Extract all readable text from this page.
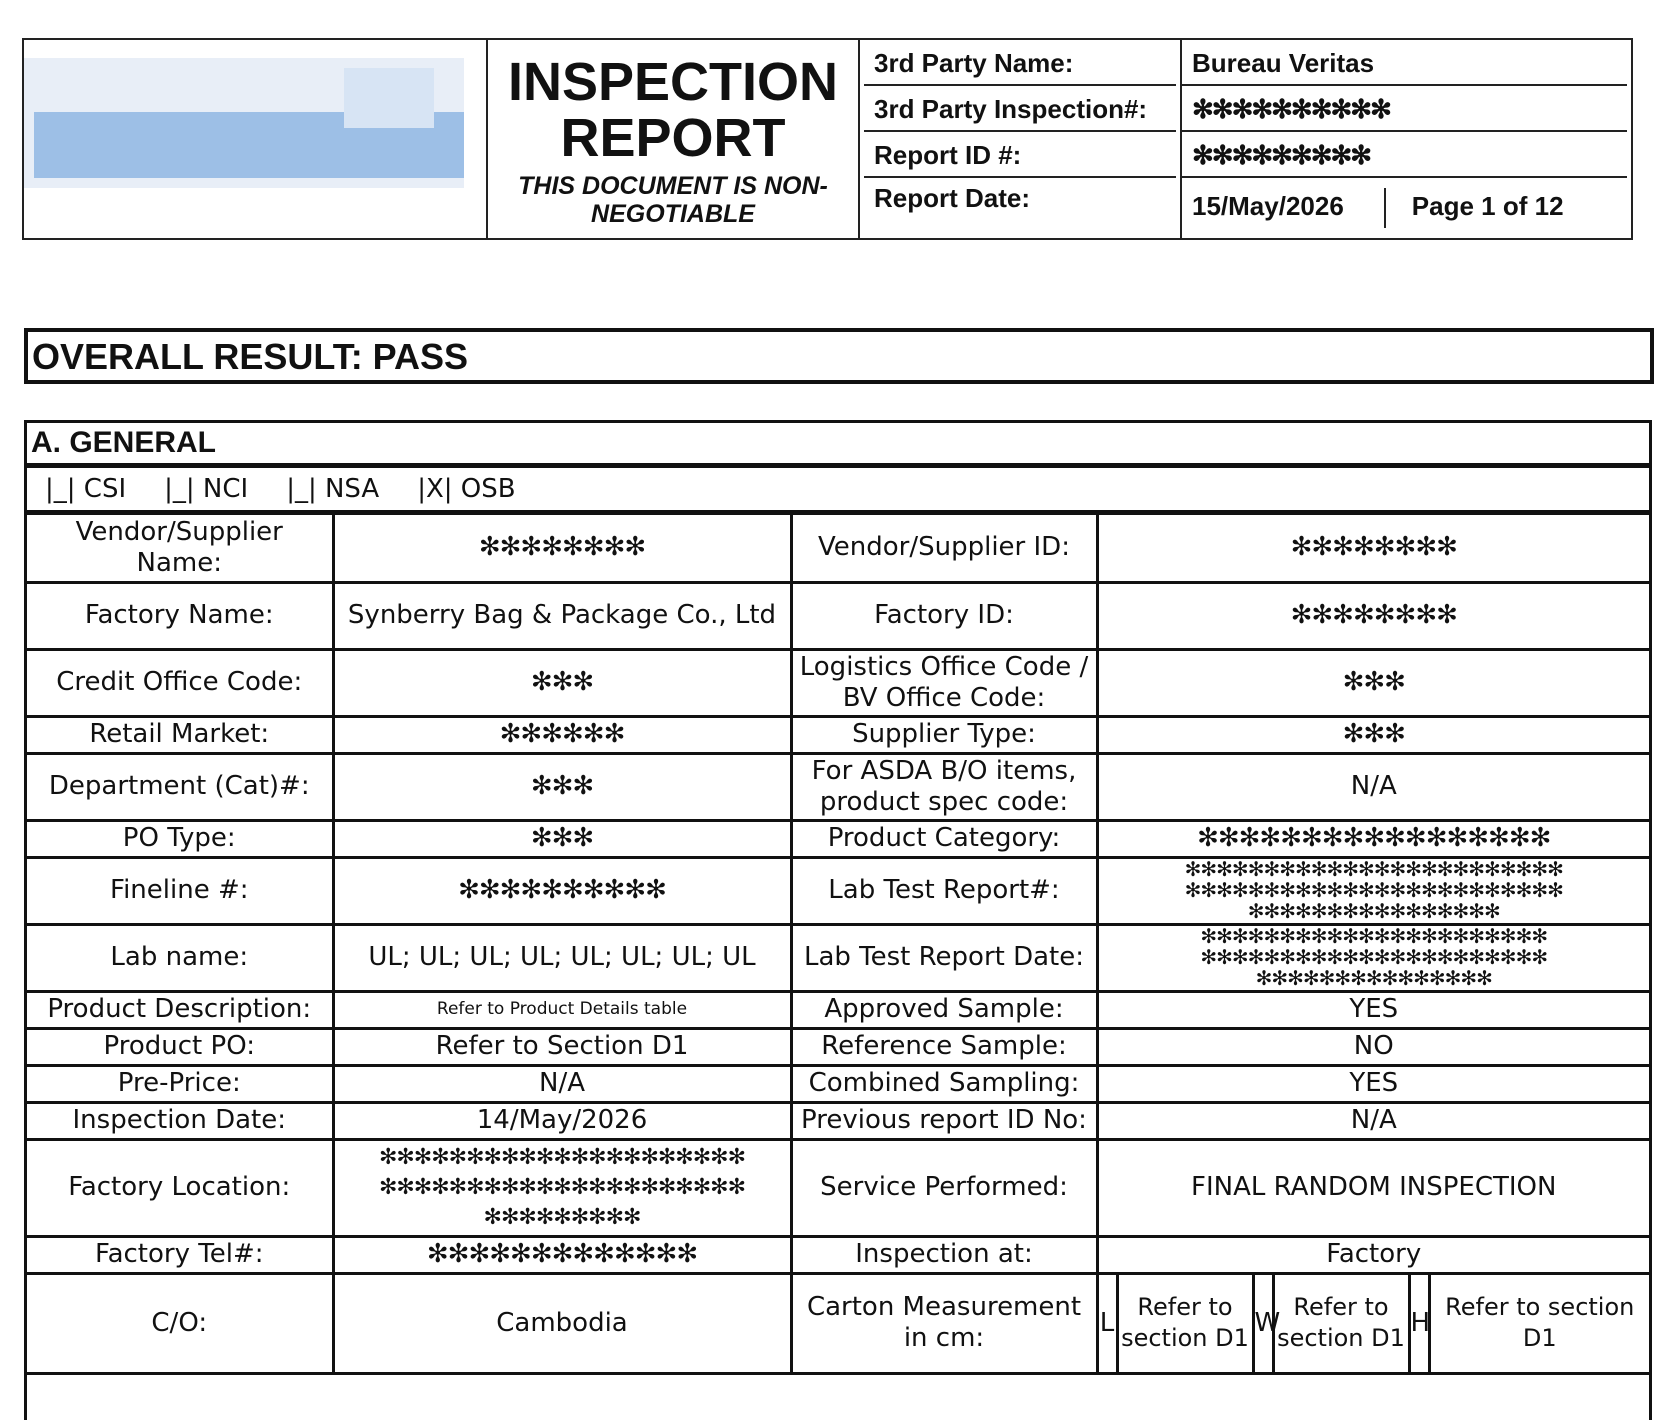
INSPECTION
REPORT
THIS DOCUMENT IS NON-NEGOTIABLE
3rd Party Name:	Bureau Veritas
3rd Party Inspection#:	✻✻✻✻✻✻✻✻✻✻
Report ID #:	✻✻✻✻✻✻✻✻✻
Report Date:	15/May/2026	Page 1 of 12
OVERALL RESULT: PASS
A. GENERAL
|_| CSI |_| NCI |_| NSA |X| OSB
Vendor/Supplier Name:	✻✻✻✻✻✻✻✻	Vendor/Supplier ID:	✻✻✻✻✻✻✻✻					
Factory Name:	Synberry Bag & Package Co., Ltd	Factory ID:	✻✻✻✻✻✻✻✻					
Credit Office Code:	✻✻✻	Logistics Office Code / BV Office Code:	✻✻✻					
Retail Market:	✻✻✻✻✻✻	Supplier Type:	✻✻✻					
Department (Cat)#:	✻✻✻	For ASDA B/O items, product spec code:	N/A					
PO Type:	✻✻✻	Product Category:	✻✻✻✻✻✻✻✻✻✻✻✻✻✻✻✻✻					
Fineline #:	✻✻✻✻✻✻✻✻✻✻	Lab Test Report#:	✻✻✻✻✻✻✻✻✻✻✻✻✻✻✻✻✻✻✻✻✻✻✻✻ ✻✻✻✻✻✻✻✻✻✻✻✻✻✻✻✻✻✻✻✻✻✻✻✻ ✻✻✻✻✻✻✻✻✻✻✻✻✻✻✻✻					
Lab name:	UL; UL; UL; UL; UL; UL; UL; UL	Lab Test Report Date:	✻✻✻✻✻✻✻✻✻✻✻✻✻✻✻✻✻✻✻✻✻✻ ✻✻✻✻✻✻✻✻✻✻✻✻✻✻✻✻✻✻✻✻✻✻ ✻✻✻✻✻✻✻✻✻✻✻✻✻✻✻					
Product Description:	Refer to Product Details table	Approved Sample:	YES					
Product PO:	Refer to Section D1	Reference Sample:	NO					
Pre-Price:	N/A	Combined Sampling:	YES					
Inspection Date:	14/May/2026	Previous report ID No:	N/A					
Factory Location:	✻✻✻✻✻✻✻✻✻✻✻✻✻✻✻✻✻✻✻✻✻ ✻✻✻✻✻✻✻✻✻✻✻✻✻✻✻✻✻✻✻✻✻ ✻✻✻✻✻✻✻✻✻	Service Performed:	FINAL RANDOM INSPECTION					
Factory Tel#:	✻✻✻✻✻✻✻✻✻✻✻✻✻	Inspection at:	Factory					
C/O:	Cambodia	Carton Measurement in cm:	L	Refer to section D1	W	Refer to section D1	H	Refer to section D1
